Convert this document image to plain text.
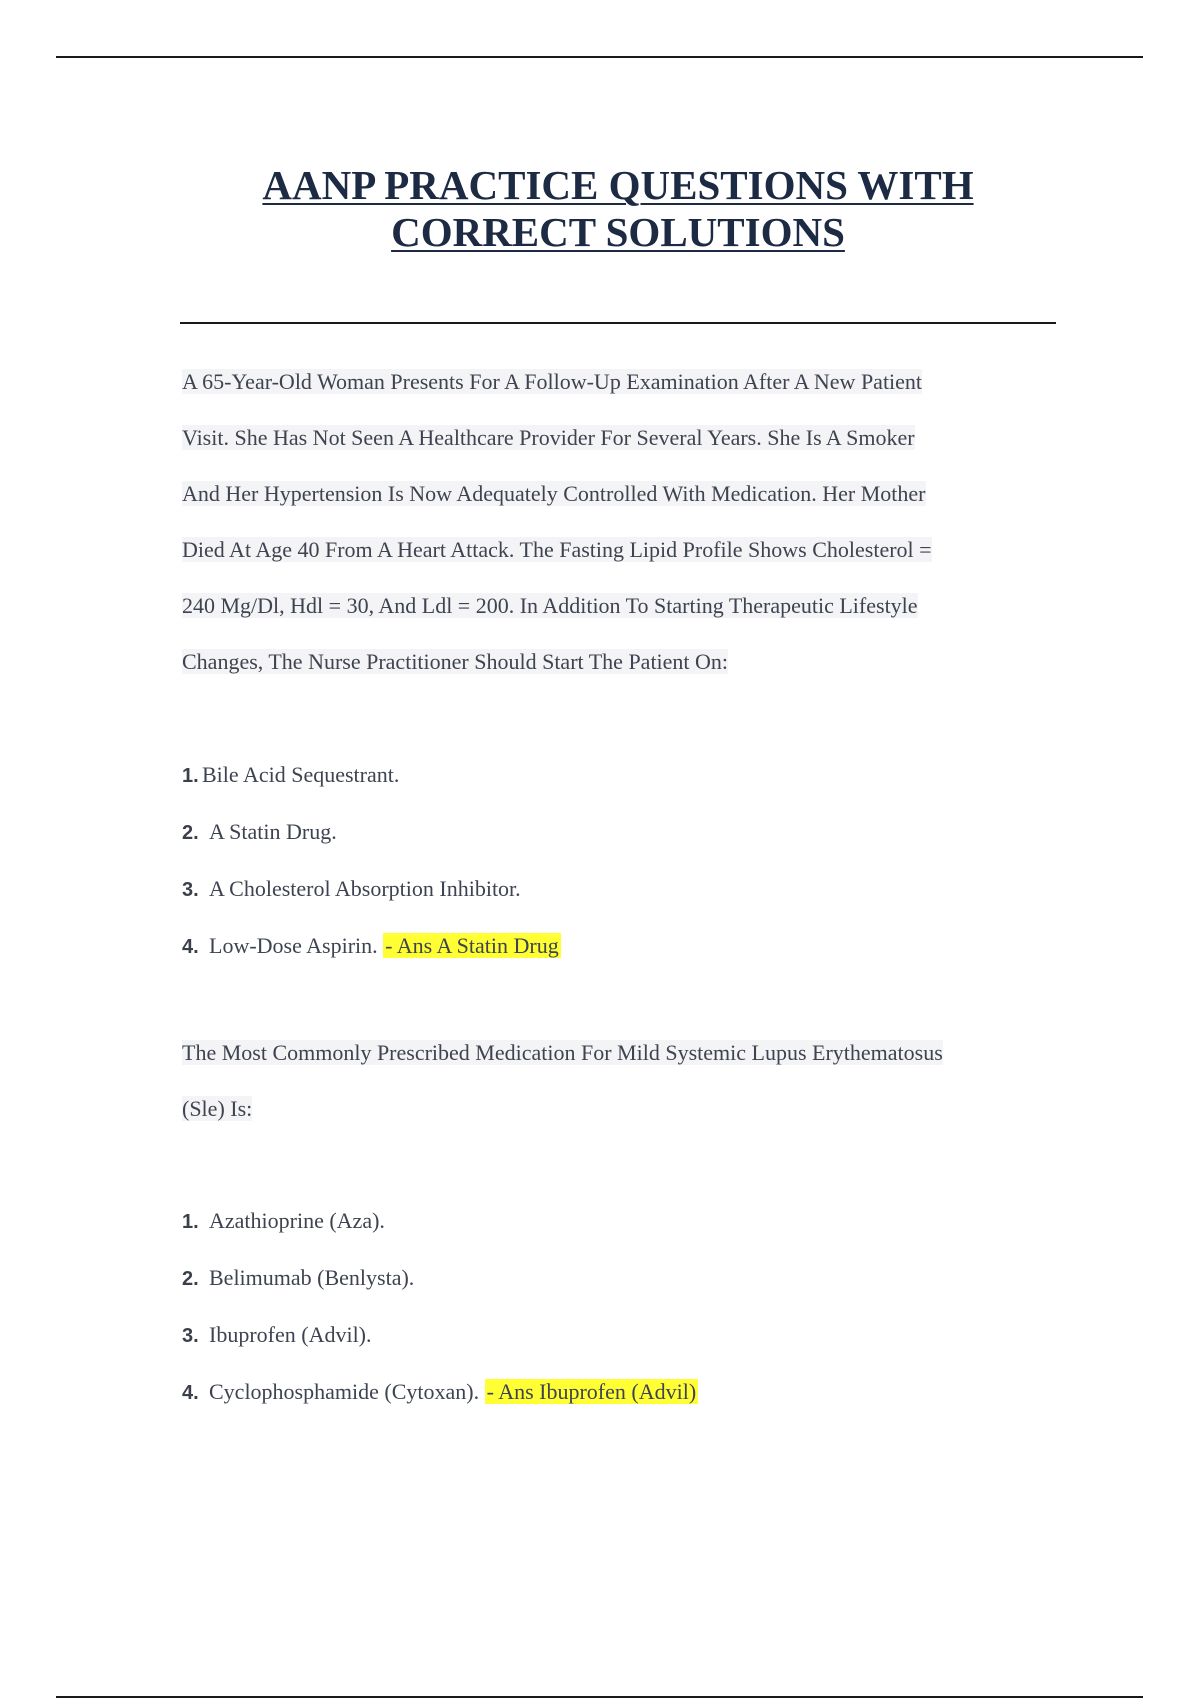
AANP PRACTICE QUESTIONS WITH
CORRECT SOLUTIONS
A 65-Year-Old Woman Presents For A Follow-Up Examination After A New Patient
Visit. She Has Not Seen A Healthcare Provider For Several Years. She Is A Smoker
And Her Hypertension Is Now Adequately Controlled With Medication. Her Mother
Died At Age 40 From A Heart Attack. The Fasting Lipid Profile Shows Cholesterol =
240 Mg/Dl, Hdl = 30, And Ldl = 200. In Addition To Starting Therapeutic Lifestyle
Changes, The Nurse Practitioner Should Start The Patient On:
1. Bile Acid Sequestrant.
2. A Statin Drug.
3. A Cholesterol Absorption Inhibitor.
4. Low-Dose Aspirin. - Ans A Statin Drug
The Most Commonly Prescribed Medication For Mild Systemic Lupus Erythematosus
(Sle) Is:
1. Azathioprine (Aza).
2. Belimumab (Benlysta).
3. Ibuprofen (Advil).
4. Cyclophosphamide (Cytoxan). - Ans Ibuprofen (Advil)
